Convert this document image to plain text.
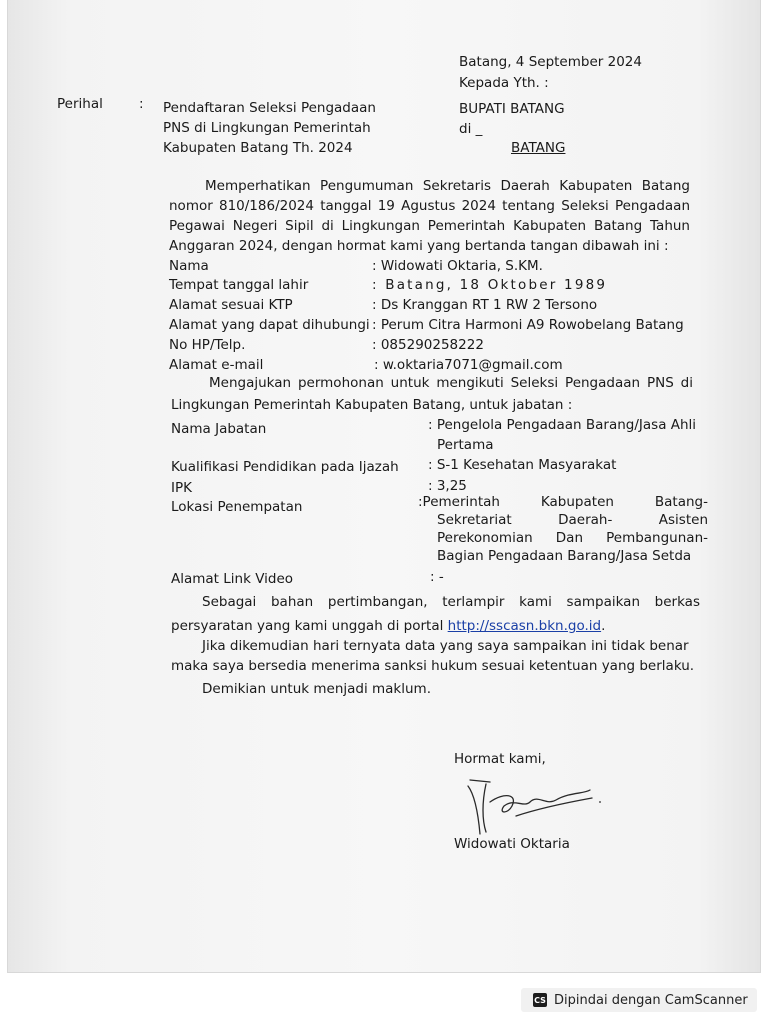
Batang, 4 September 2024
Kepada Yth. :
BUPATI BATANG
di _
BATANG
Perihal	: Pendaftaran Seleksi Pengadaan
PNS di Lingkungan Pemerintah
Kabupaten Batang Th. 2024
Memperhatikan Pengumuman Sekretaris Daerah Kabupaten Batang
nomor 810/186/2024 tanggal 19 Agustus 2024 tentang Seleksi Pengadaan
Pegawai Negeri Sipil di Lingkungan Pemerintah Kabupaten Batang Tahun
Anggaran 2024, dengan hormat kami yang bertanda tangan dibawah ini :
Nama	: Widowati Oktaria, S.KM.
Tempat tanggal lahir	: Batang, 18 Oktober 1989
Alamat sesuai KTP	: Ds Kranggan RT 1 RW 2 Tersono
Alamat yang dapat dihubungi : Perum Citra Harmoni A9 Rowobelang Batang
No HP/Telp.	: 085290258222
Alamat e-mail	: w.oktaria7071@gmail.com
Mengajukan permohonan untuk mengikuti Seleksi Pengadaan PNS di
Lingkungan Pemerintah Kabupaten Batang, untuk jabatan :
Nama Jabatan	: Pengelola Pengadaan Barang/Jasa Ahli
Pertama
Kualifikasi Pendidikan pada Ijazah : S-1 Kesehatan Masyarakat
IPK	: 3,25
Lokasi Penempatan	:Pemerintah Kabupaten Batang-
Sekretariat Daerah- Asisten
Perekonomian Dan Pembangunan-
Bagian Pengadaan Barang/Jasa Setda
Alamat Link Video	: -
Sebagai bahan pertimbangan, terlampir kami sampaikan berkas
persyaratan yang kami unggah di portal http://sscasn.bkn.go.id.
Jika dikemudian hari ternyata data yang saya sampaikan ini tidak benar
maka saya bersedia menerima sanksi hukum sesuai ketentuan yang berlaku.
Demikian untuk menjadi maklum.
Hormat kami,
Widowati Oktaria
CS Dipindai dengan CamScanner
